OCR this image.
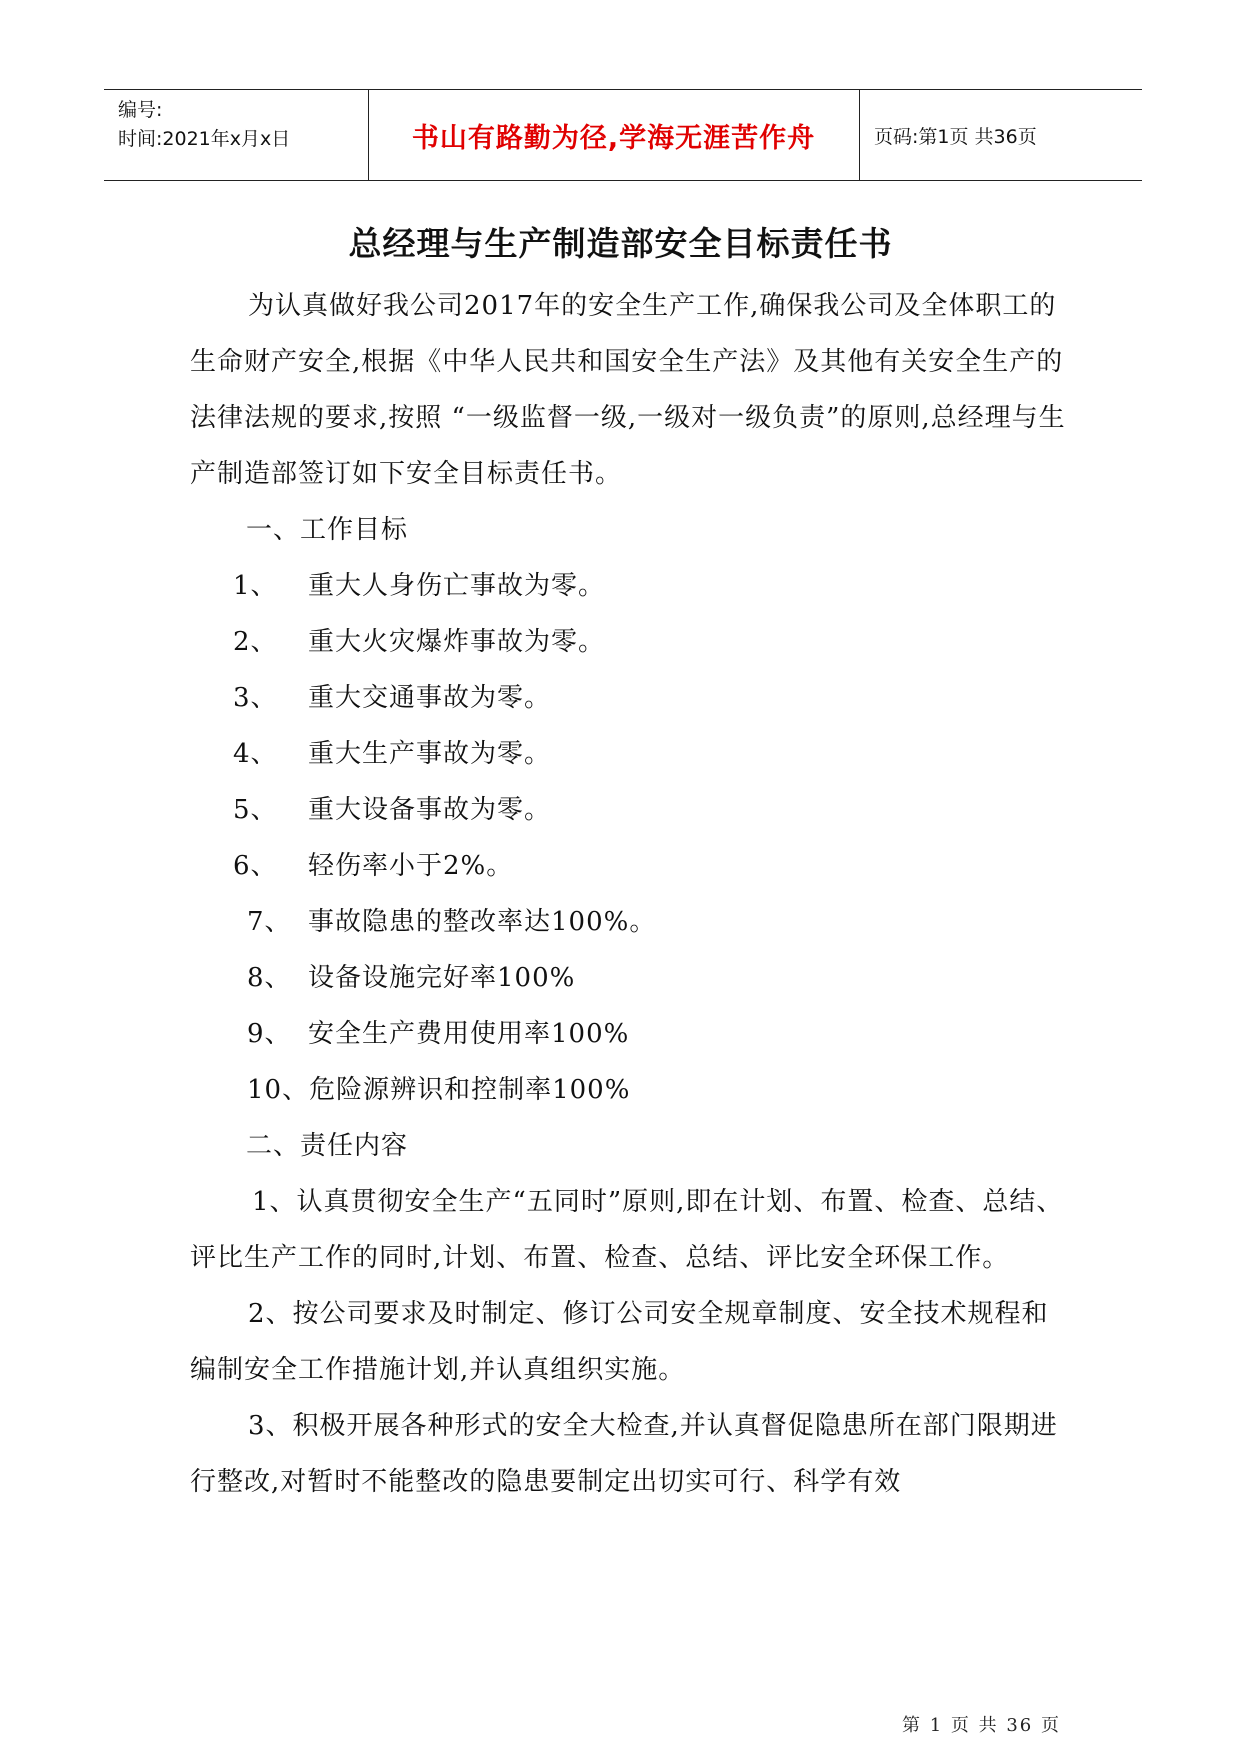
编号:
时间:2021年x月x日	书山有路勤为径,学海无涯苦作舟	页码:第1页 共36页
总经理与生产制造部安全目标责任书

为认真做好我公司2017年的安全生产工作,确保我公司及全体职工的生命财产安全,根据《中华人民共和国安全生产法》及其他有关安全生产的法律法规的要求,按照 “一级监督一级,一级对一级负责”的原则,总经理与生产制造部签订如下安全目标责任书。

一、工作目标

1、	重大人身伤亡事故为零。

2、	重大火灾爆炸事故为零。

3、	重大交通事故为零。

4、	重大生产事故为零。

5、	重大设备事故为零。

6、	轻伤率小于2%。

7、 事故隐患的整改率达100%。

8、 设备设施完好率100%

9、 安全生产费用使用率100%

10、 危险源辨识和控制率100%

二、责任内容

1、认真贯彻安全生产“五同时”原则,即在计划、布置、检查、总结、评比生产工作的同时,计划、布置、检查、总结、评比安全环保工作。

2、按公司要求及时制定、修订公司安全规章制度、安全技术规程和编制安全工作措施计划,并认真组织实施。

3、积极开展各种形式的安全大检查,并认真督促隐患所在部门限期进行整改,对暂时不能整改的隐患要制定出切实可行、科学有效

第 1 页 共 36 页
